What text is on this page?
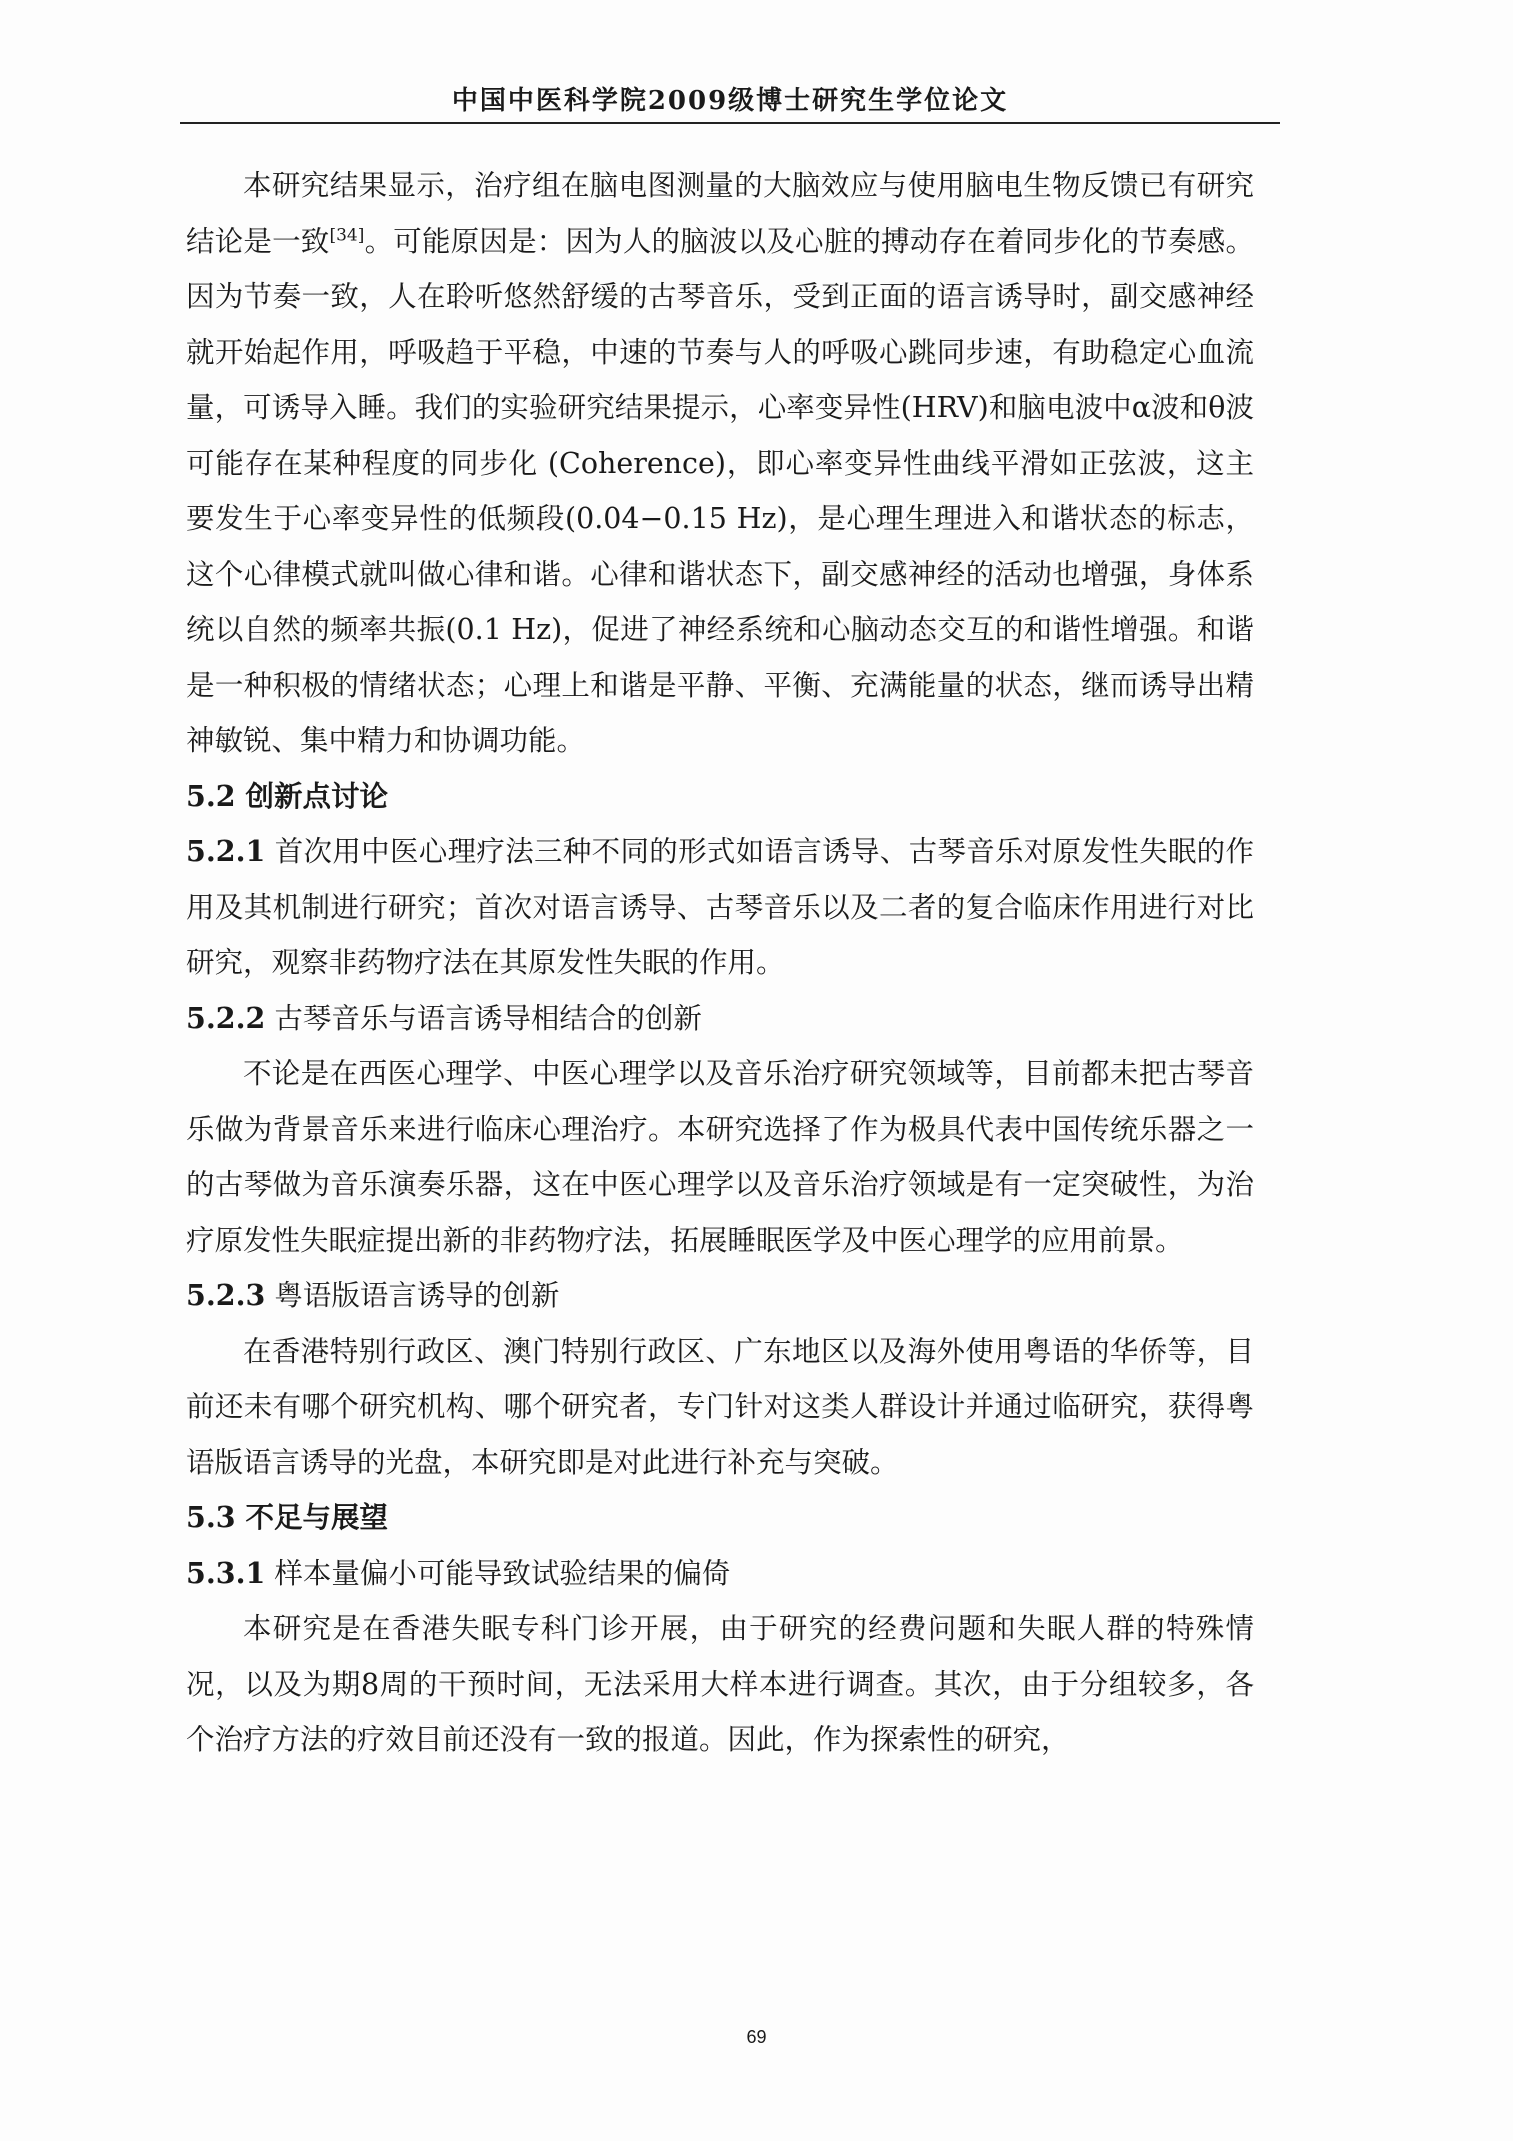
中国中医科学院2009级博士研究生学位论文

本研究结果显示，治疗组在脑电图测量的大脑效应与使用脑电生物反馈已有研究结论是一致[34]。可能原因是：因为人的脑波以及心脏的搏动存在着同步化的节奏感。因为节奏一致，人在聆听悠然舒缓的古琴音乐，受到正面的语言诱导时，副交感神经就开始起作用，呼吸趋于平稳，中速的节奏与人的呼吸心跳同步速，有助稳定心血流量，可诱导入睡。我们的实验研究结果提示，心率变异性(HRV)和脑电波中α波和θ波可能存在某种程度的同步化 (Coherence)，即心率变异性曲线平滑如正弦波，这主要发生于心率变异性的低频段(0.04−0.15 Hz)，是心理生理进入和谐状态的标志，这个心律模式就叫做心律和谐。心律和谐状态下，副交感神经的活动也增强，身体系统以自然的频率共振(0.1 Hz)，促进了神经系统和心脑动态交互的和谐性增强。和谐是一种积极的情绪状态；心理上和谐是平静、平衡、充满能量的状态，继而诱导出精神敏锐、集中精力和协调功能。

5.2 创新点讨论

5.2.1 首次用中医心理疗法三种不同的形式如语言诱导、古琴音乐对原发性失眠的作用及其机制进行研究；首次对语言诱导、古琴音乐以及二者的复合临床作用进行对比研究，观察非药物疗法在其原发性失眠的作用。

5.2.2 古琴音乐与语言诱导相结合的创新

不论是在西医心理学、中医心理学以及音乐治疗研究领域等，目前都未把古琴音乐做为背景音乐来进行临床心理治疗。本研究选择了作为极具代表中国传统乐器之一的古琴做为音乐演奏乐器，这在中医心理学以及音乐治疗领域是有一定突破性，为治疗原发性失眠症提出新的非药物疗法，拓展睡眠医学及中医心理学的应用前景。

5.2.3 粤语版语言诱导的创新

在香港特别行政区、澳门特别行政区、广东地区以及海外使用粤语的华侨等，目前还未有哪个研究机构、哪个研究者，专门针对这类人群设计并通过临研究，获得粤语版语言诱导的光盘，本研究即是对此进行补充与突破。

5.3 不足与展望

5.3.1 样本量偏小可能导致试验结果的偏倚

本研究是在香港失眠专科门诊开展，由于研究的经费问题和失眠人群的特殊情况，以及为期8周的干预时间，无法采用大样本进行调查。其次，由于分组较多，各个治疗方法的疗效目前还没有一致的报道。因此，作为探索性的研究，

69
